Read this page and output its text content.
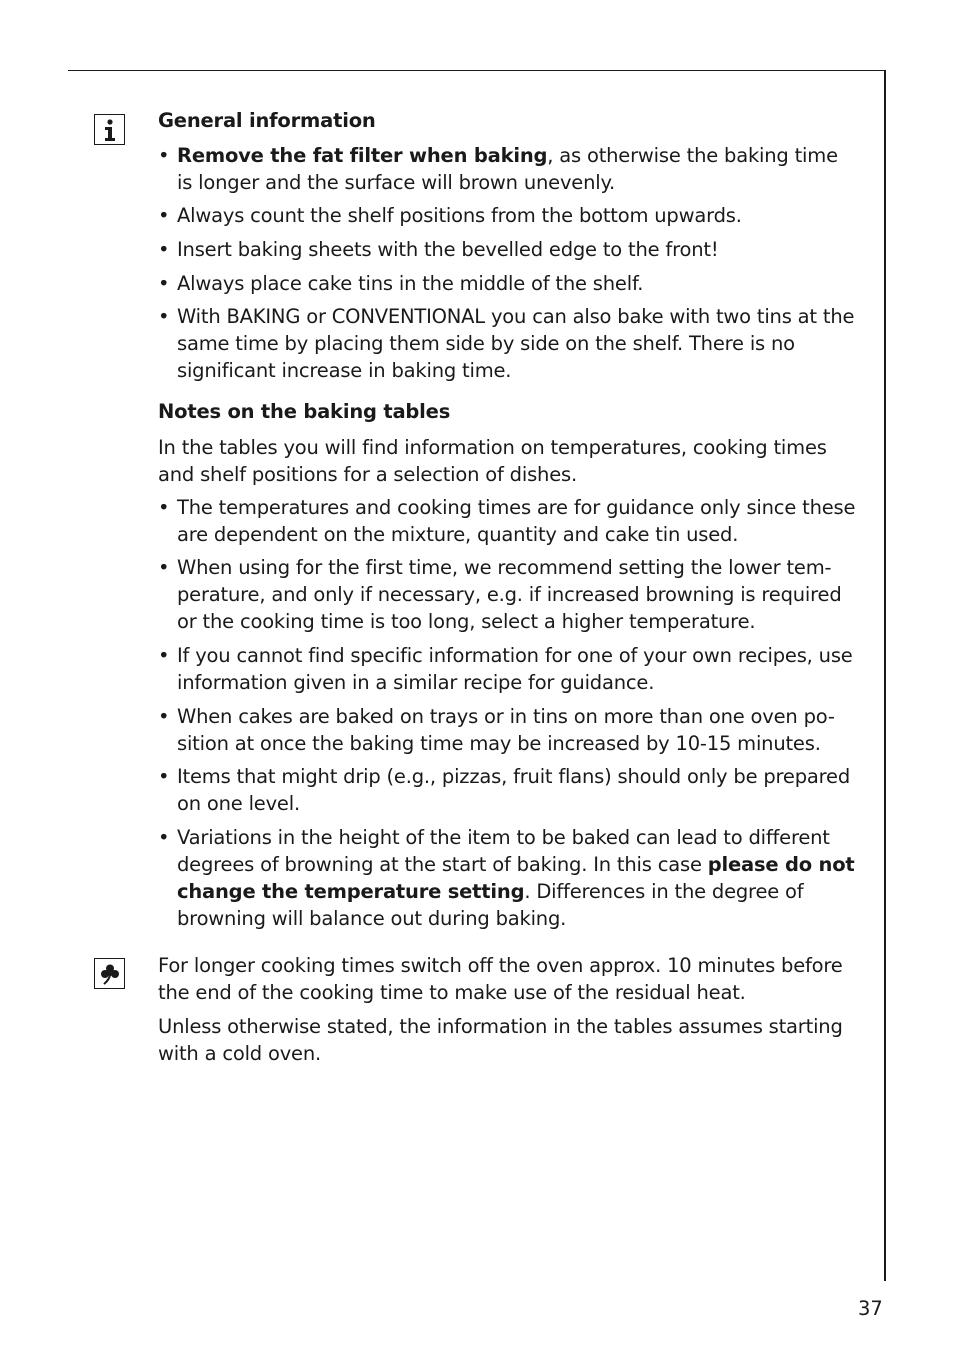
General information

• Remove the fat filter when baking, as otherwise the baking time is longer and the surface will brown unevenly.

• Always count the shelf positions from the bottom upwards.

• Insert baking sheets with the bevelled edge to the front!

• Always place cake tins in the middle of the shelf.

• With BAKING or CONVENTIONAL you can also bake with two tins at the same time by placing them side by side on the shelf. There is no significant increase in baking time.

Notes on the baking tables

In the tables you will find information on temperatures, cooking times and shelf positions for a selection of dishes.

• The temperatures and cooking times are for guidance only since these are dependent on the mixture, quantity and cake tin used.

• When using for the first time, we recommend setting the lower tem-perature, and only if necessary, e.g. if increased browning is required or the cooking time is too long, select a higher temperature.

• If you cannot find specific information for one of your own recipes, use information given in a similar recipe for guidance.

• When cakes are baked on trays or in tins on more than one oven po-sition at once the baking time may be increased by 10-15 minutes.

• Items that might drip (e.g., pizzas, fruit flans) should only be prepared on one level.

• Variations in the height of the item to be baked can lead to different degrees of browning at the start of baking. In this case please do not change the temperature setting. Differences in the degree of browning will balance out during baking.

For longer cooking times switch off the oven approx. 10 minutes before the end of the cooking time to make use of the residual heat.

Unless otherwise stated, the information in the tables assumes starting with a cold oven.

37
